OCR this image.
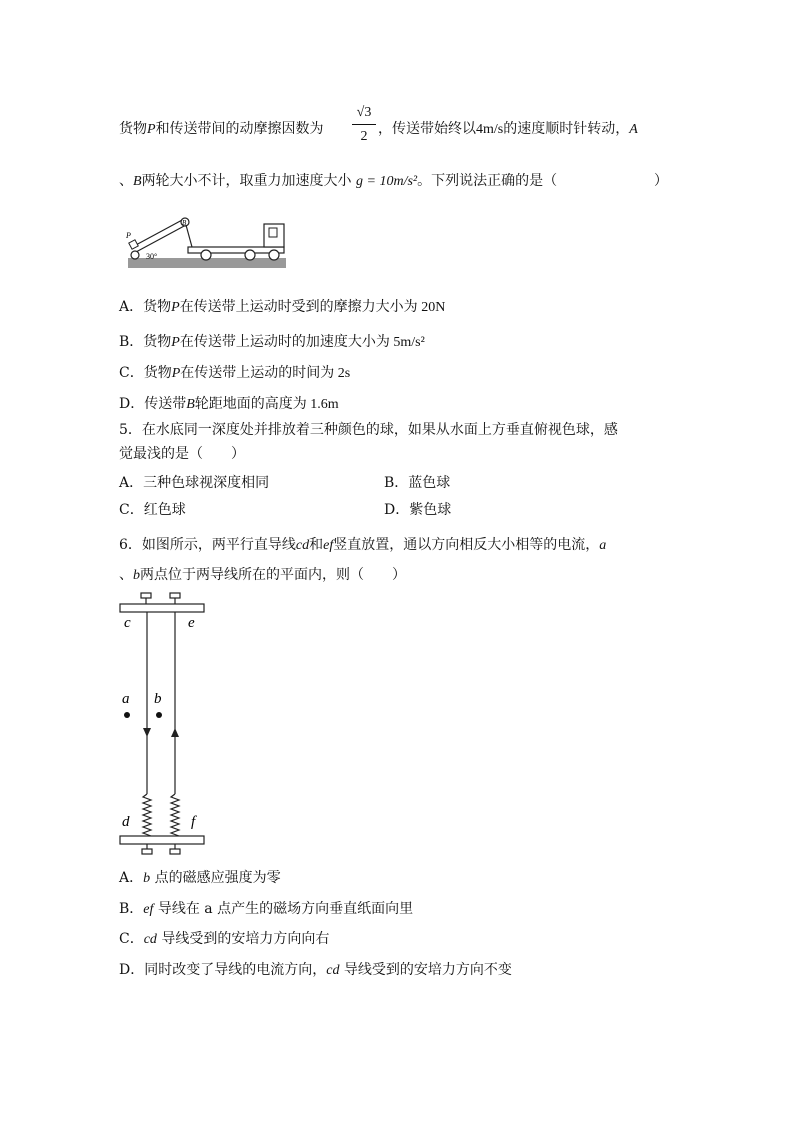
货物P和传送带间的动摩擦因数为
√3
2 ，传送带始终以4m/s的速度顺时针转动，A
、B两轮大小不计，取重力加速度大小 g = 10m/s²。下列说法正确的是（	）
P
B
30°
A．货物P在传送带上运动时受到的摩擦力大小为 20N
B．货物P在传送带上运动时的加速度大小为 5m/s²
C．货物P在传送带上运动的时间为 2s
D．传送带B轮距地面的高度为 1.6m
5．在水底同一深度处并排放着三种颜色的球，如果从水面上方垂直俯视色球，感
觉最浅的是（　　）
A．三种色球视深度相同	B．蓝色球
C．红色球	D．紫色球
6．如图所示，两平行直导线cd和ef竖直放置，通以方向相反大小相等的电流，a
、b两点位于两导线所在的平面内，则（　　）
c	e
a b
d	f
A．b 点的磁感应强度为零
B．ef 导线在 a 点产生的磁场方向垂直纸面向里
C．cd 导线受到的安培力方向向右
D．同时改变了导线的电流方向，cd 导线受到的安培力方向不变
